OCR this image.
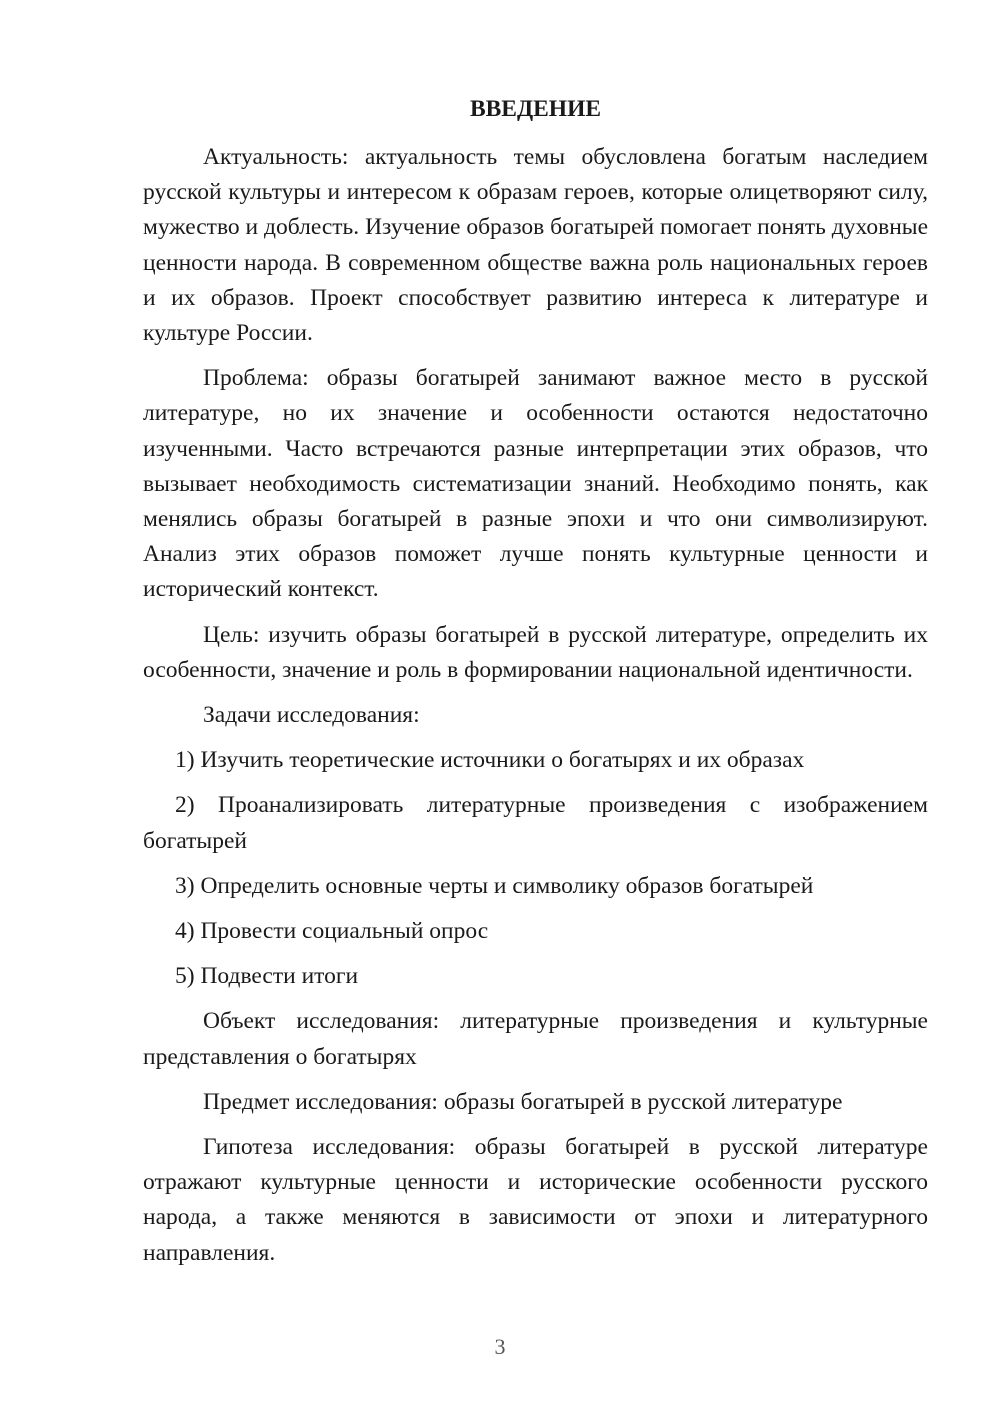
ВВЕДЕНИЕ

Актуальность: актуальность темы обусловлена богатым наследием русской культуры и интересом к образам героев, которые олицетворяют силу, мужество и доблесть. Изучение образов богатырей помогает понять духовные ценности народа. В современном обществе важна роль национальных героев и их образов. Проект способствует развитию интереса к литературе и культуре России.

Проблема: образы богатырей занимают важное место в русской литературе, но их значение и особенности остаются недостаточно изученными. Часто встречаются разные интерпретации этих образов, что вызывает необходимость систематизации знаний. Необходимо понять, как менялись образы богатырей в разные эпохи и что они символизируют. Анализ этих образов поможет лучше понять культурные ценности и исторический контекст.

Цель: изучить образы богатырей в русской литературе, определить их особенности, значение и роль в формировании национальной идентичности.

Задачи исследования:

1) Изучить теоретические источники о богатырях и их образах

2) Проанализировать литературные произведения с изображением богатырей

3) Определить основные черты и символику образов богатырей

4) Провести социальный опрос

5) Подвести итоги

Объект исследования: литературные произведения и культурные представления о богатырях

Предмет исследования: образы богатырей в русской литературе

Гипотеза исследования: образы богатырей в русской литературе отражают культурные ценности и исторические особенности русского народа, а также меняются в зависимости от эпохи и литературного направления.

3
